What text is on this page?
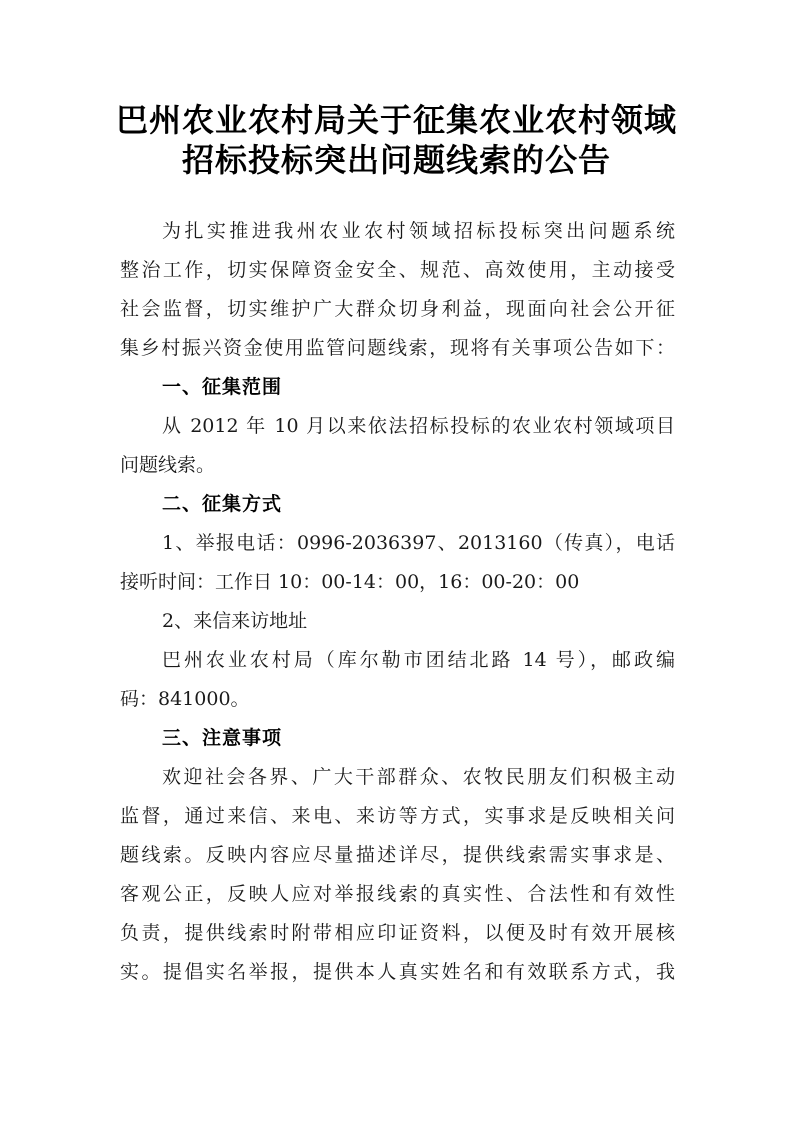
巴州农业农村局关于征集农业农村领域
招标投标突出问题线索的公告
为扎实推进我州农业农村领域招标投标突出问题系统
整治工作，切实保障资金安全、规范、高效使用，主动接受
社会监督，切实维护广大群众切身利益，现面向社会公开征
集乡村振兴资金使用监管问题线索，现将有关事项公告如下：
一、征集范围
从 2012 年 10 月以来依法招标投标的农业农村领域项目
问题线索。
二、征集方式
1、举报电话：0996-2036397、2013160（传真），电话
接听时间：工作日 10：00-14：00，16：00-20：00
2、来信来访地址
巴州农业农村局（库尔勒市团结北路 14 号），邮政编
码：841000。
三、注意事项
欢迎社会各界、广大干部群众、农牧民朋友们积极主动
监督，通过来信、来电、来访等方式，实事求是反映相关问
题线索。反映内容应尽量描述详尽，提供线索需实事求是、
客观公正，反映人应对举报线索的真实性、合法性和有效性
负责，提供线索时附带相应印证资料，以便及时有效开展核
实。提倡实名举报，提供本人真实姓名和有效联系方式，我
